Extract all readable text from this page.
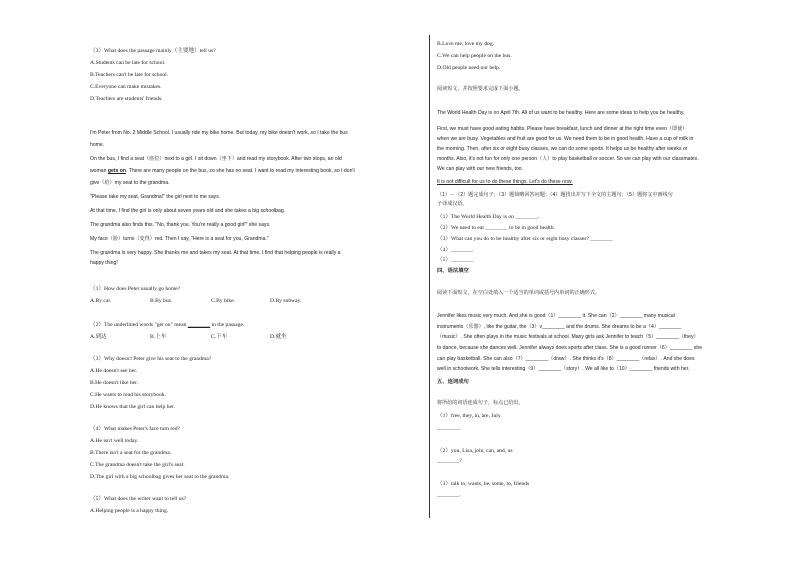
（3）What does the passage mainly（主要地）tell us?
A.Students can be late for school.
B.Teachers can't be late for school.
C.Everyone can make mistakes.
D.Teachers are students' friends.
I'm Peter from No. 2 Middle School. I usually ride my bike home. But today, my bike doesn't work, so I take the bus
home.
On the bus, I find a seat（座位）next to a girl. I sit down（坐下）and read my storybook. After two stops, an old
woman gets on. There are many people on the bus, so she has no seat. I want to read my interesting book, so I don't
give（给）my seat to the grandma.
"Please take my seat, Grandma!" the girl next to me says.
At that time, I find the girl is only about seven years old and she takes a big schoolbag.
The grandma also finds this. "No, thank you. You're really a good girl!" she says.
My face（脸）turns（变得）red. Then I say, "Here is a seat for you, Grandma."
The grandma is very happy. She thanks me and takes my seat. At that time, I find that helping people is really a
happy thing!
（1）How does Peter usually go home?
A.By car.	B.By bus.	C.By bike.	D.By subway.
（2）The underlined words "get on" mean ________ in the passage.
A.到达	B.上车	C.下车	D.就坐
（3）Why doesn't Peter give his seat to the grandma?
A.He doesn't see her.
B.He doesn't like her.
C.He wants to read his storybook.
D.He knows that the girl can help her.
（4）What makes Peter's face turn red?
A.He isn't well today.
B.There isn't a seat for the grandma.
C.The grandma doesn't take the girl's seat.
D.The girl with a big schoolbag gives her seat to the grandma.
（5）What does the writer want to tell us?
A.Helping people is a happy thing.
B.Love me, love my dog.
C.We can help people on the bus.
D.Old people need our help.
阅读短文，并按照要求完成下面小题。
The World Health Day is on April 7th. All of us want to be healthy. Here are some ideas to help you be healthy.
First, we must have good eating habits. Please have breakfast, lunch and dinner at the right time even（即使）
when we are busy. Vegetables and fruit are good for us. We need them to be in good health. Have a cup of milk in
the morning. Then, after six or eight busy classes, we can do some sports. It helps us be healthy after weeks or
months. Also, it's not fun for only one person（人）to play basketball or soccer. So we can play with our classmates.
We can play with our new friends, too.
It is not difficult for us to do these things. Let's do these now.
（1）－（2）题完成句子；（3）题简略回答问题；（4）题找出并写下全文的主题句；（5）题将文中画线句
子译成汉语。
（1）The World Health Day is on ________.
（2）We need to eat ________ to be in good health.
（3）What can you do to be healthy after six or eight busy classes? ________
（4）________
（5）________
四、语法填空
阅读下面短文，在空白处填入一个适当的单词或括号内单词的正确形式。
Jennifer likes music very much. And she is good（1）________ it. She can（2）________ many musical
instruments（乐器）, like the guitar, the（3）v________ and the drums. She dreams to be a（4）________
（music）. She often plays in the music festivals at school. Many girls ask Jennifer to teach（5）________（they）
to dance, because she dances well. Jennifer always does sports after class. She is a good runner（6）________ she
can play basketball. She can also（7）________（draw）. She thinks it's（8）________（relax）. And she does
well in schoolwork. She tells interesting（9）________（story）. We all like to（10）________ friends with her.
五、连词成句
将所给的词语连成句子，标点已给出。
（1）free, they, in, are, July
________.
（2）you, Lisa, join, can, and, us
________?
（3）talk to, wants, he, some, to, friends
________.
